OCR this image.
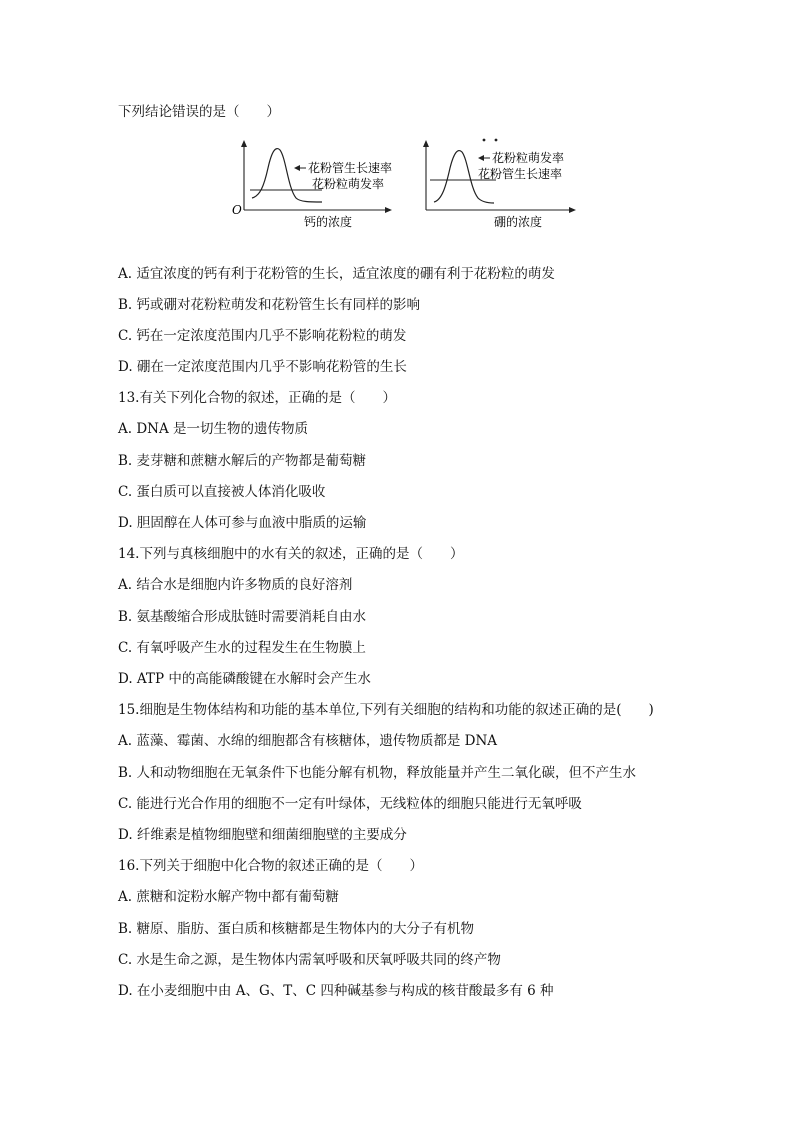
下列结论错误的是（　　）
花粉管生长速率
花粉粒萌发率
O
钙的浓度
花粉粒萌发率
花粉管生长速率
硼的浓度
A. 适宜浓度的钙有利于花粉管的生长，适宜浓度的硼有利于花粉粒的萌发
B. 钙或硼对花粉粒萌发和花粉管生长有同样的影响
C. 钙在一定浓度范围内几乎不影响花粉粒的萌发
D. 硼在一定浓度范围内几乎不影响花粉管的生长
13.有关下列化合物的叙述，正确的是（　　）
A. DNA 是一切生物的遗传物质
B. 麦芽糖和蔗糖水解后的产物都是葡萄糖
C. 蛋白质可以直接被人体消化吸收
D. 胆固醇在人体可参与血液中脂质的运输
14.下列与真核细胞中的水有关的叙述，正确的是（　　）
A. 结合水是细胞内许多物质的良好溶剂
B. 氨基酸缩合形成肽链时需要消耗自由水
C. 有氧呼吸产生水的过程发生在生物膜上
D. ATP 中的高能磷酸键在水解时会产生水
15.细胞是生物体结构和功能的基本单位,下列有关细胞的结构和功能的叙述正确的是(　　)
A. 蓝藻、霉菌、水绵的细胞都含有核糖体，遗传物质都是 DNA
B. 人和动物细胞在无氧条件下也能分解有机物，释放能量并产生二氧化碳，但不产生水
C. 能进行光合作用的细胞不一定有叶绿体，无线粒体的细胞只能进行无氧呼吸
D. 纤维素是植物细胞壁和细菌细胞壁的主要成分
16.下列关于细胞中化合物的叙述正确的是（　　）
A. 蔗糖和淀粉水解产物中都有葡萄糖
B. 糖原、脂肪、蛋白质和核糖都是生物体内的大分子有机物
C. 水是生命之源，是生物体内需氧呼吸和厌氧呼吸共同的终产物
D. 在小麦细胞中由 A、G、T、C 四种碱基参与构成的核苷酸最多有 6 种
